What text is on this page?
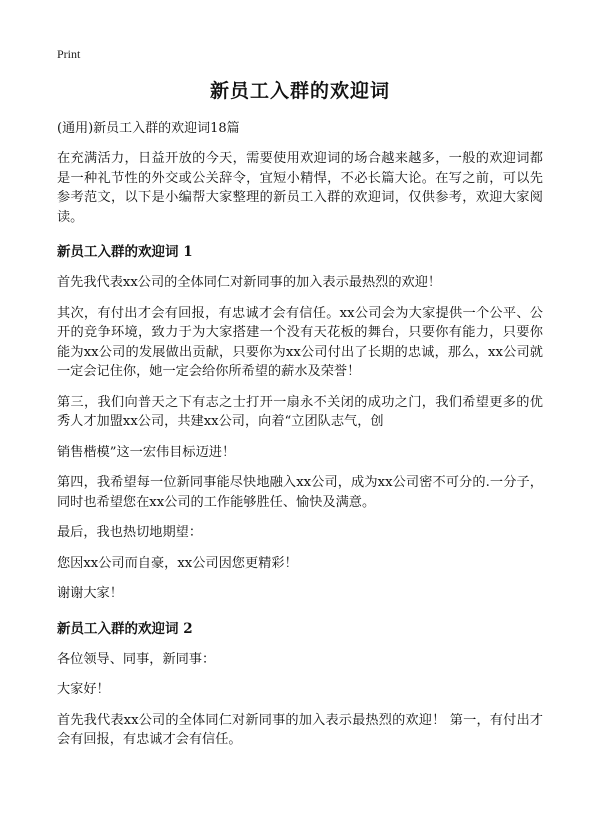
Print
新员工入群的欢迎词
(通用)新员工入群的欢迎词18篇

在充满活力，日益开放的今天，需要使用欢迎词的场合越来越多，一般的欢迎词都是一种礼节性的外交或公关辞令，宜短小精悍，不必长篇大论。在写之前，可以先参考范文，以下是小编帮大家整理的新员工入群的欢迎词，仅供参考，欢迎大家阅读。

新员工入群的欢迎词 1

首先我代表xx公司的全体同仁对新同事的加入表示最热烈的欢迎！

其次，有付出才会有回报，有忠诚才会有信任。xx公司会为大家提供一个公平、公开的竞争环境，致力于为大家搭建一个没有天花板的舞台，只要你有能力，只要你能为xx公司的发展做出贡献，只要你为xx公司付出了长期的忠诚，那么，xx公司就一定会记住你，她一定会给你所希望的薪水及荣誉！

第三，我们向普天之下有志之士打开一扇永不关闭的成功之门，我们希望更多的优秀人才加盟xx公司，共建xx公司，向着“立团队志气，创

销售楷模”这一宏伟目标迈进！

第四，我希望每一位新同事能尽快地融入xx公司，成为xx公司密不可分的.一分子，同时也希望您在xx公司的工作能够胜任、愉快及满意。

最后，我也热切地期望：

您因xx公司而自豪，xx公司因您更精彩！

谢谢大家！

新员工入群的欢迎词 2

各位领导、同事，新同事：

大家好！

首先我代表xx公司的全体同仁对新同事的加入表示最热烈的欢迎！ 第一，有付出才会有回报，有忠诚才会有信任。
